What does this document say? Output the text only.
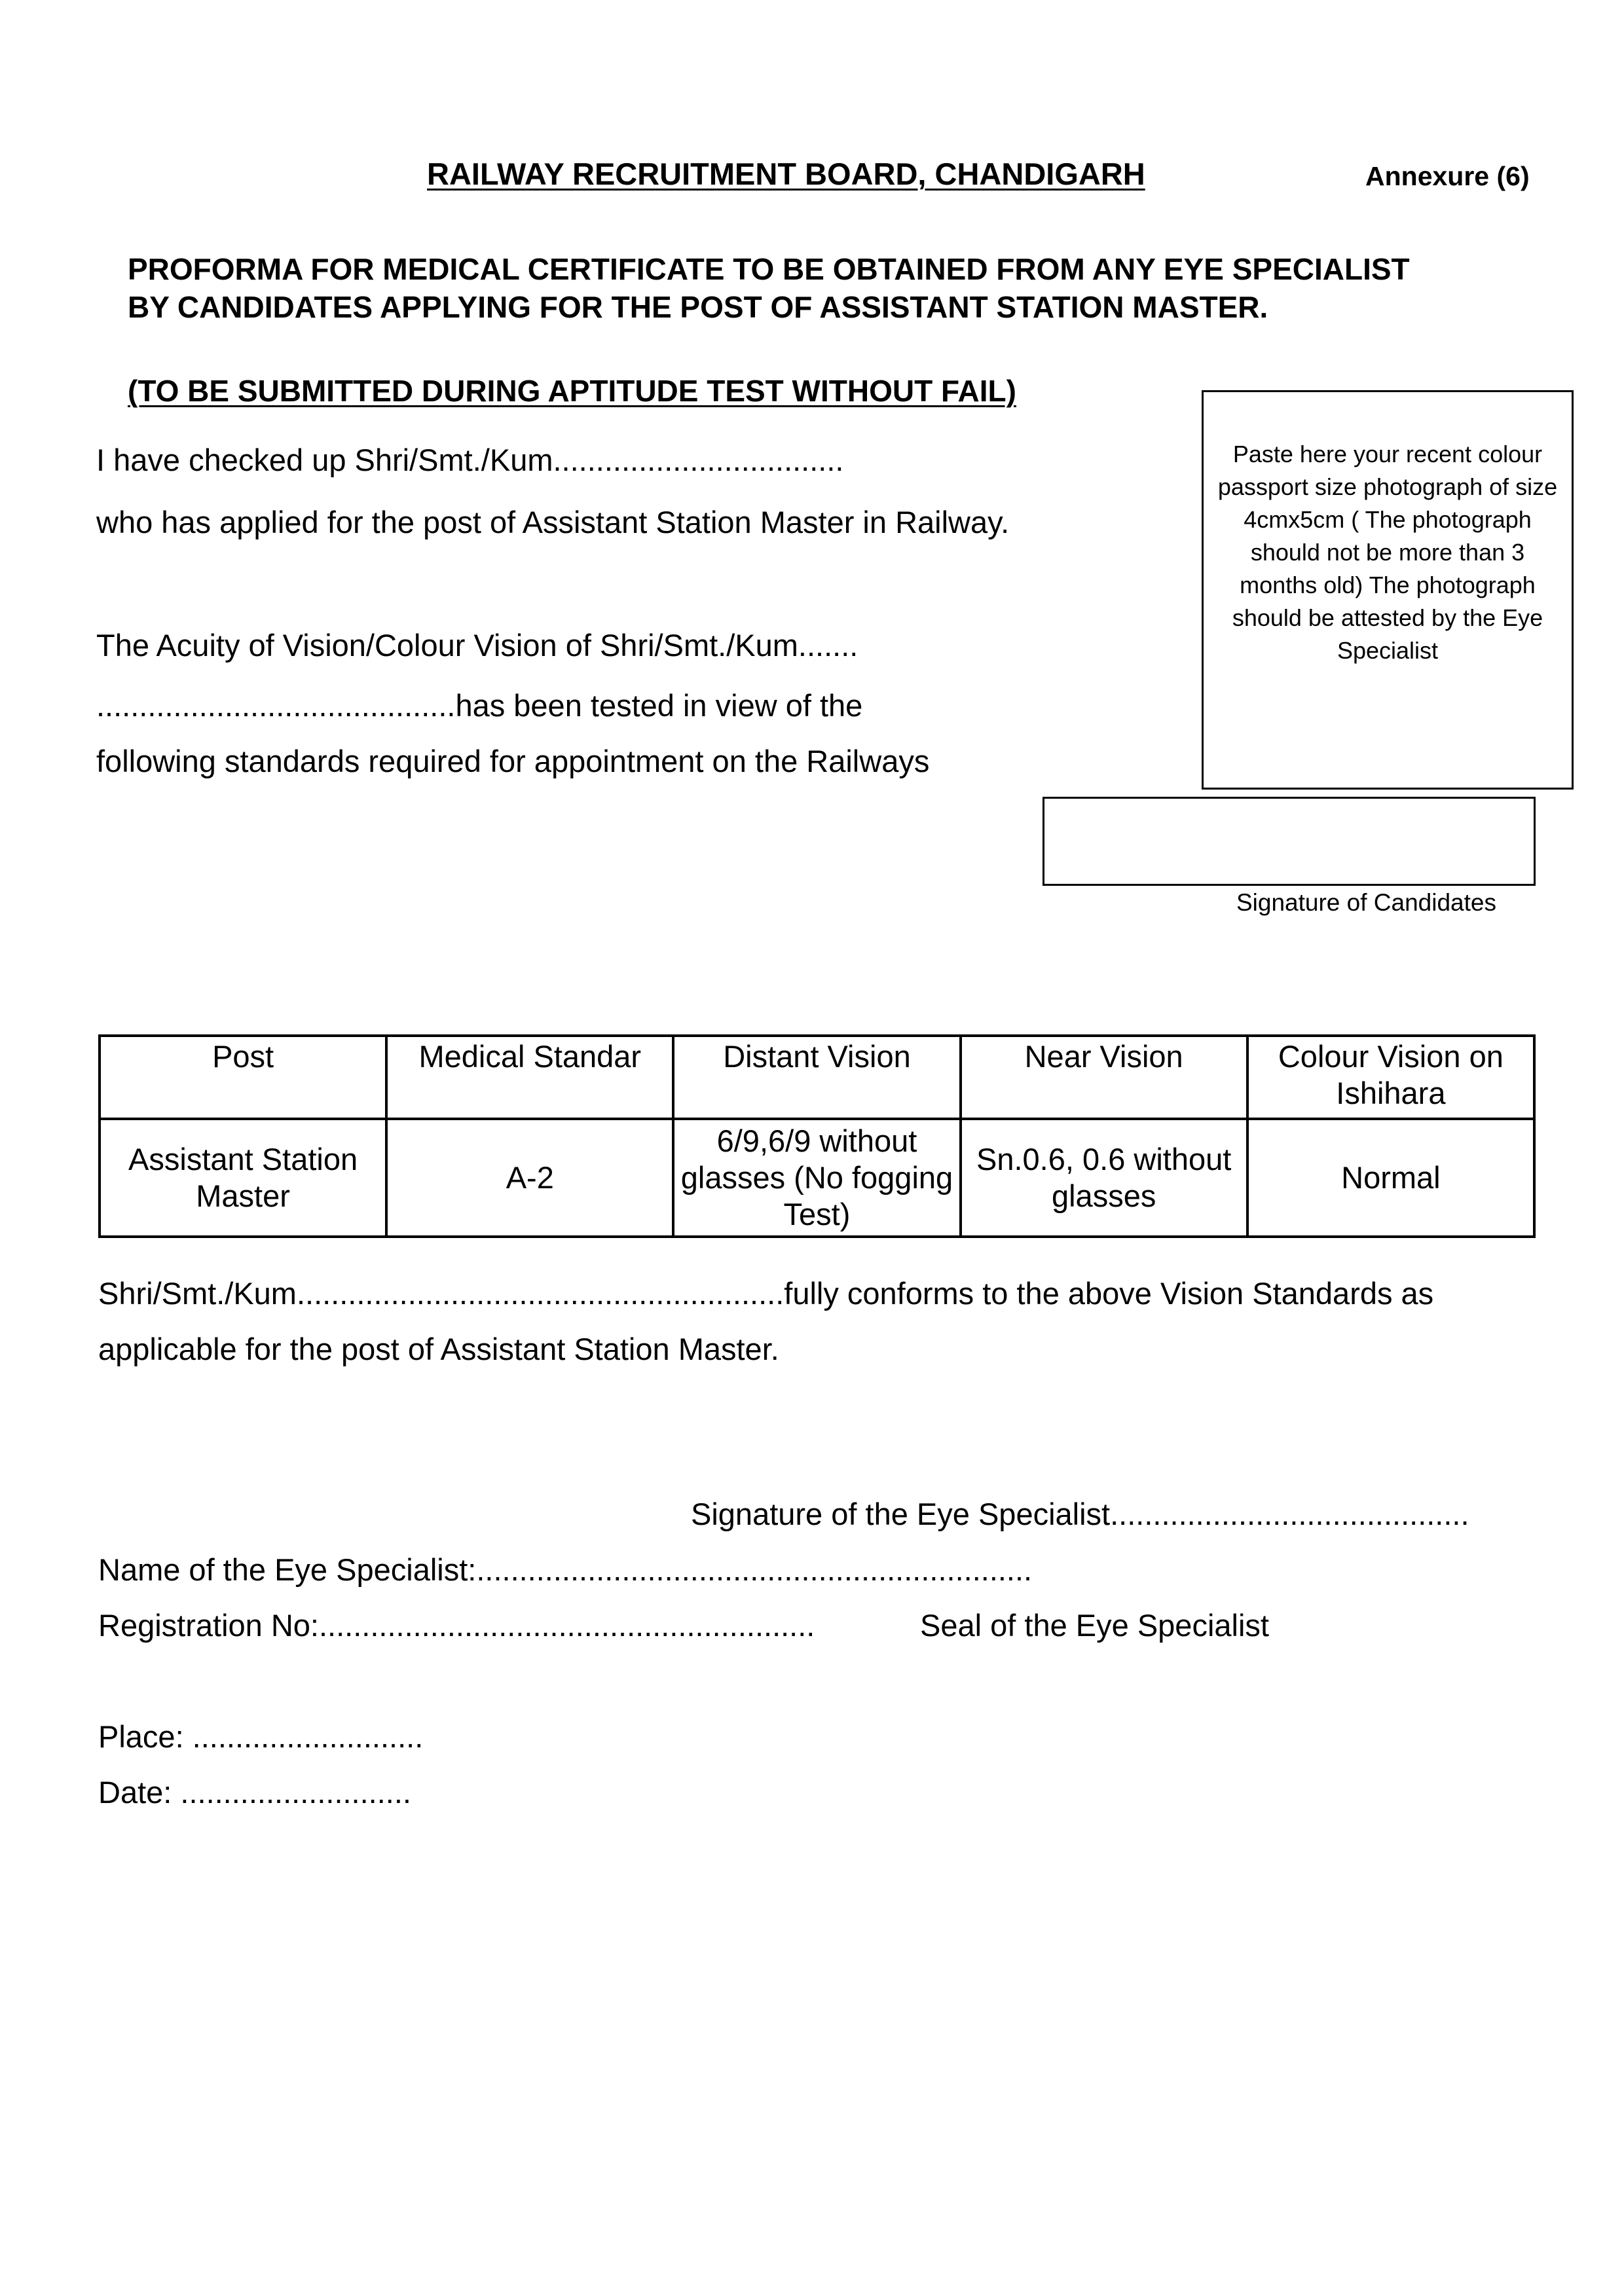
RAILWAY RECRUITMENT BOARD, CHANDIGARH	Annexure (6)
PROFORMA FOR MEDICAL CERTIFICATE TO BE OBTAINED FROM ANY EYE SPECIALIST
BY CANDIDATES APPLYING FOR THE POST OF ASSISTANT STATION MASTER.
(TO BE SUBMITTED DURING APTITUDE TEST WITHOUT FAIL)
I have checked up Shri/Smt./Kum..................................
who has applied for the post of Assistant Station Master in Railway.
The Acuity of Vision/Colour Vision of Shri/Smt./Kum.......
..........................................has been tested in view of the
following standards required for appointment on the Railways
Paste here your recent colour passport size photograph of size 4cmx5cm ( The photograph should not be more than 3 months old) The photograph should be attested by the Eye Specialist
Signature of Candidates
Post	Medical Standar	Distant Vision	Near Vision	Colour Vision on Ishihara
Assistant Station Master	A-2	6/9,6/9 without glasses (No fogging Test)	Sn.0.6, 0.6 without glasses	Normal
Shri/Smt./Kum.........................................................fully conforms to the above Vision Standards as
applicable for the post of Assistant Station Master.
Signature of the Eye Specialist..........................................
Name of the Eye Specialist:.................................................................
Registration No:..........................................................	Seal of the Eye Specialist
Place: ...........................
Date: ...........................
